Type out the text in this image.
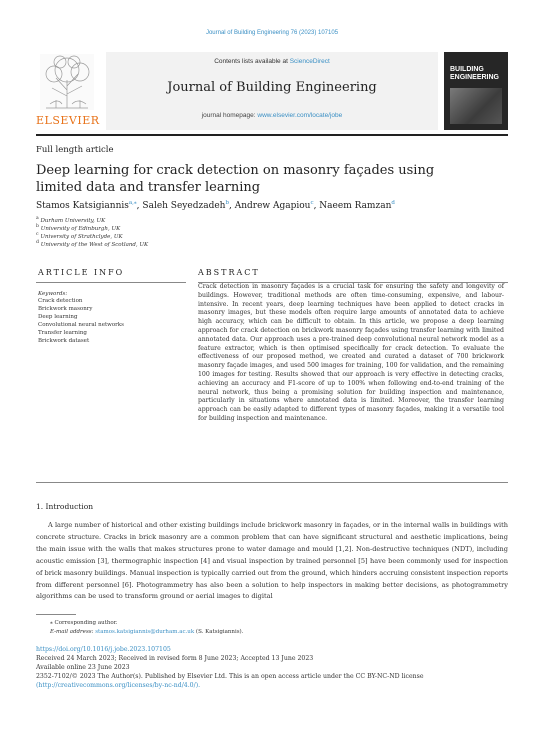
Journal of Building Engineering 76 (2023) 107105
ELSEVIER
Contents lists available at ScienceDirect
Journal of Building Engineering
journal homepage: www.elsevier.com/locate/jobe
BUILDING
ENGINEERING
Full length article
Deep learning for crack detection on masonry façades using limited data and transfer learning
Stamos Katsigiannis$^{a,⁎}$, Saleh Seyedzadeh$^b$, Andrew Agapiou$^c$, Naeem Ramzan$^d$
$^a$ Durham University, UK
$^b$ University of Edinburgh, UK
$^c$ University of Strathclyde, UK
$^d$ University of the West of Scotland, UK
ARTICLE INFO
Keywords:
Crack detection
Brickwork masonry
Deep learning
Convolutional neural networks
Transfer learning
Brickwork dataset
ABSTRACT
Crack detection in masonry façades is a crucial task for ensuring the safety and longevity of buildings. However, traditional methods are often time-consuming, expensive, and labour-intensive. In recent years, deep learning techniques have been applied to detect cracks in masonry images, but these models often require large amounts of annotated data to achieve high accuracy, which can be difficult to obtain. In this article, we propose a deep learning approach for crack detection on brickwork masonry façades using transfer learning with limited annotated data. Our approach uses a pre-trained deep convolutional neural network model as a feature extractor, which is then optimised specifically for crack detection. To evaluate the effectiveness of our proposed method, we created and curated a dataset of 700 brickwork masonry façade images, and used 500 images for training, 100 for validation, and the remaining 100 images for testing. Results showed that our approach is very effective in detecting cracks, achieving an accuracy and F1-score of up to 100% when following end-to-end training of the neural network, thus being a promising solution for building inspection and maintenance, particularly in situations where annotated data is limited. Moreover, the transfer learning approach can be easily adapted to different types of masonry façades, making it a versatile tool for building inspection and maintenance.
1. Introduction
A large number of historical and other existing buildings include brickwork masonry in façades, or in the internal walls in buildings with concrete structure. Cracks in brick masonry are a common problem that can have significant structural and aesthetic implications, being the main issue with the walls that makes structures prone to water damage and mould [1,2]. Non-destructive techniques (NDT), including acoustic emission [3], thermographic inspection [4] and visual inspection by trained personnel [5] have been commonly used for inspection of brick masonry buildings. Manual inspection is typically carried out from the ground, which hinders accruing consistent inspection reports from different personnel [6]. Photogrammetry has also been a solution to help inspectors in making better decisions, as photogrammetry algorithms can be used to transform ground or aerial images to digital
⁎ Corresponding author.
E-mail address: stamos.katsigiannis@durham.ac.uk (S. Katsigiannis).
https://doi.org/10.1016/j.jobe.2023.107105
Received 24 March 2023; Received in revised form 8 June 2023; Accepted 13 June 2023
Available online 23 June 2023
2352-7102/© 2023 The Author(s). Published by Elsevier Ltd. This is an open access article under the CC BY-NC-ND license
(http://creativecommons.org/licenses/by-nc-nd/4.0/).
